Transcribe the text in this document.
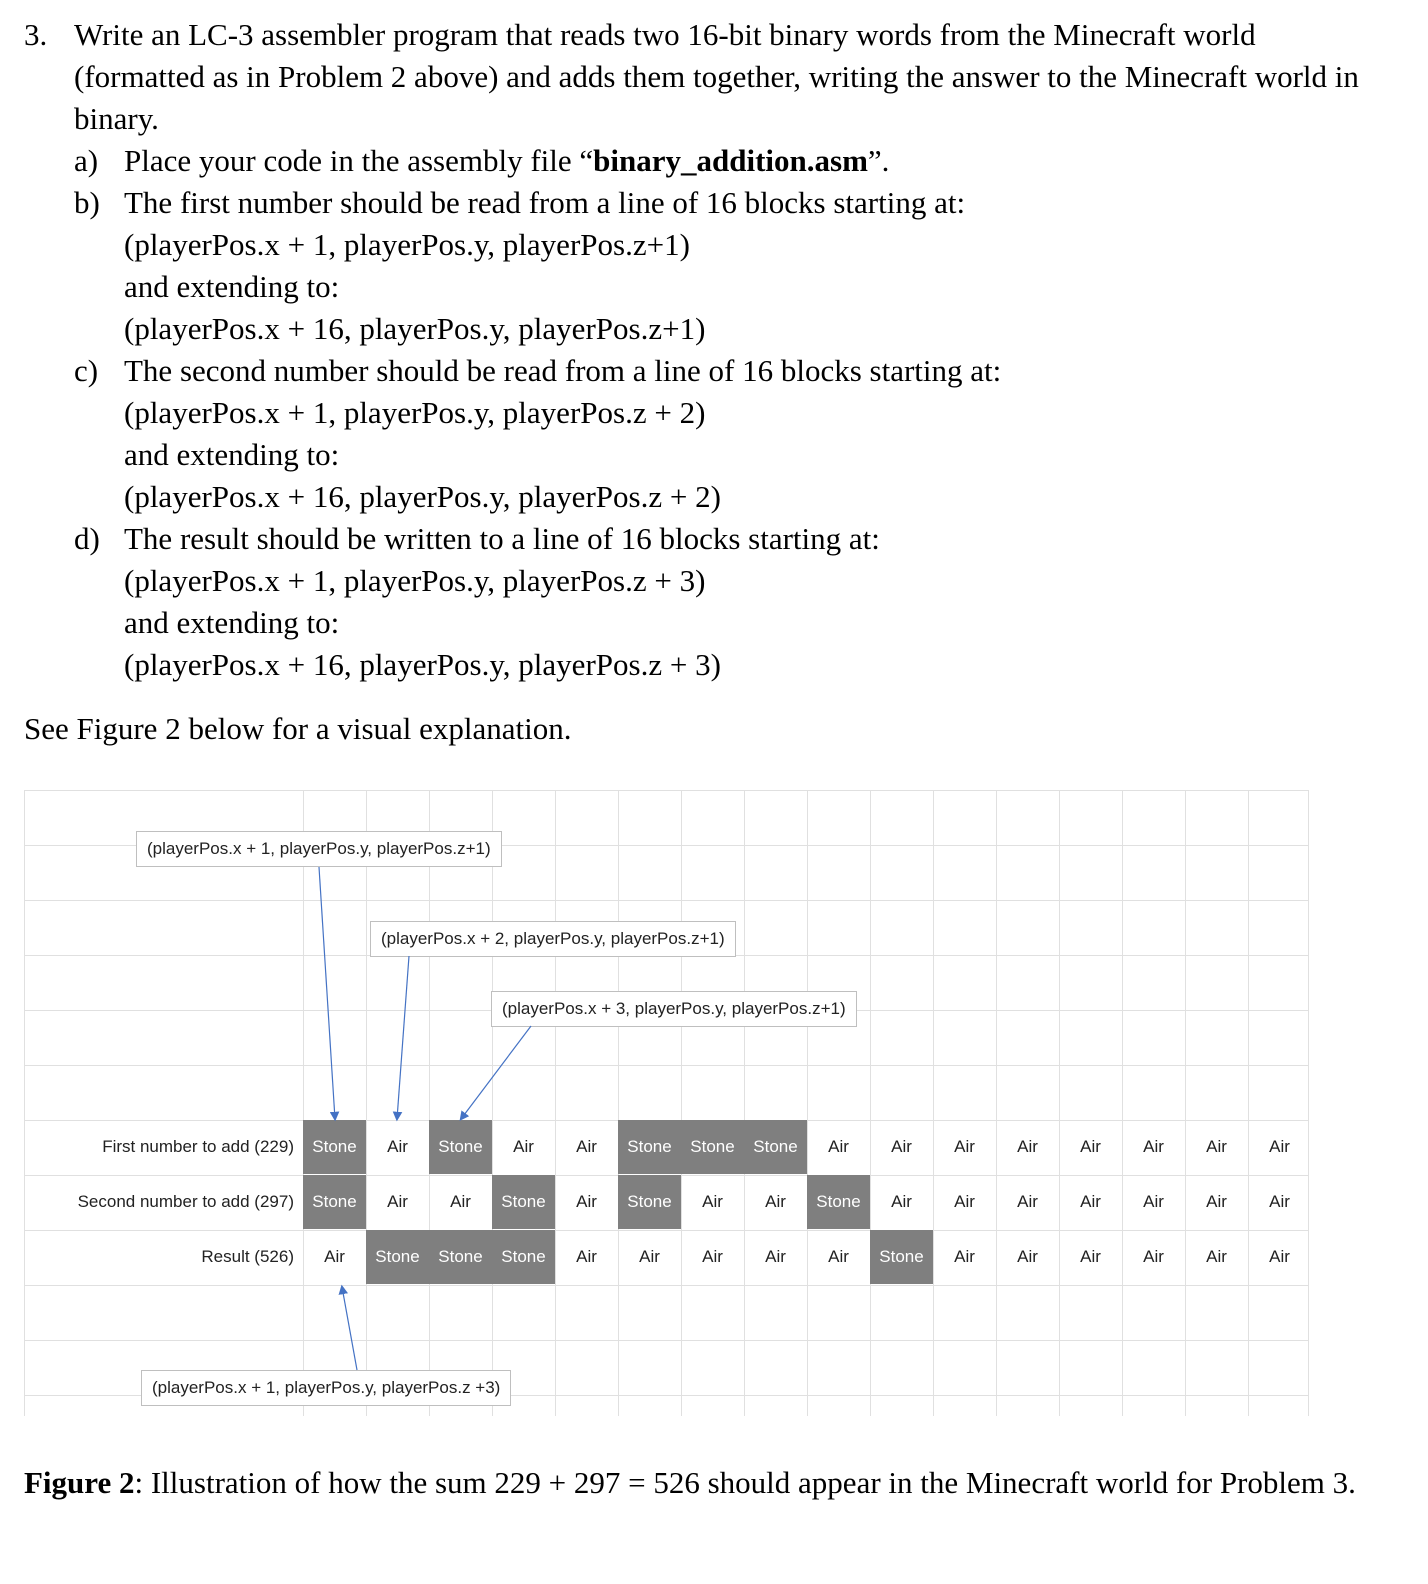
3. Write an LC-3 assembler program that reads two 16-bit binary words from the Minecraft world (formatted as in Problem 2 above) and adds them together, writing the answer to the Minecraft world in binary.
a) Place your code in the assembly file “binary_addition.asm”.
b) The first number should be read from a line of 16 blocks starting at:
(playerPos.x + 1, playerPos.y, playerPos.z+1)
and extending to:
(playerPos.x + 16, playerPos.y, playerPos.z+1)
c) The second number should be read from a line of 16 blocks starting at:
(playerPos.x + 1, playerPos.y, playerPos.z + 2)
and extending to:
(playerPos.x + 16, playerPos.y, playerPos.z + 2)
d) The result should be written to a line of 16 blocks starting at:
(playerPos.x + 1, playerPos.y, playerPos.z + 3)
and extending to:
(playerPos.x + 16, playerPos.y, playerPos.z + 3)
See Figure 2 below for a visual explanation.
(playerPos.x + 1, playerPos.y, playerPos.z+1)
(playerPos.x + 2, playerPos.y, playerPos.z+1)
(playerPos.x + 3, playerPos.y, playerPos.z+1)
(playerPos.x + 1, playerPos.y, playerPos.z +3)
First number to add (229)	Stone	Air	Stone	Air	Air	Stone	Stone	Stone	Air	Air	Air	Air	Air	Air	Air	Air
Second number to add (297)	Stone	Air	Air	Stone	Air	Stone	Air	Air	Stone	Air	Air	Air	Air	Air	Air	Air
Result (526)	Air	Stone	Stone	Stone	Air	Air	Air	Air	Air	Stone	Air	Air	Air	Air	Air	Air
Figure 2: Illustration of how the sum 229 + 297 = 526 should appear in the Minecraft world for Problem 3.
